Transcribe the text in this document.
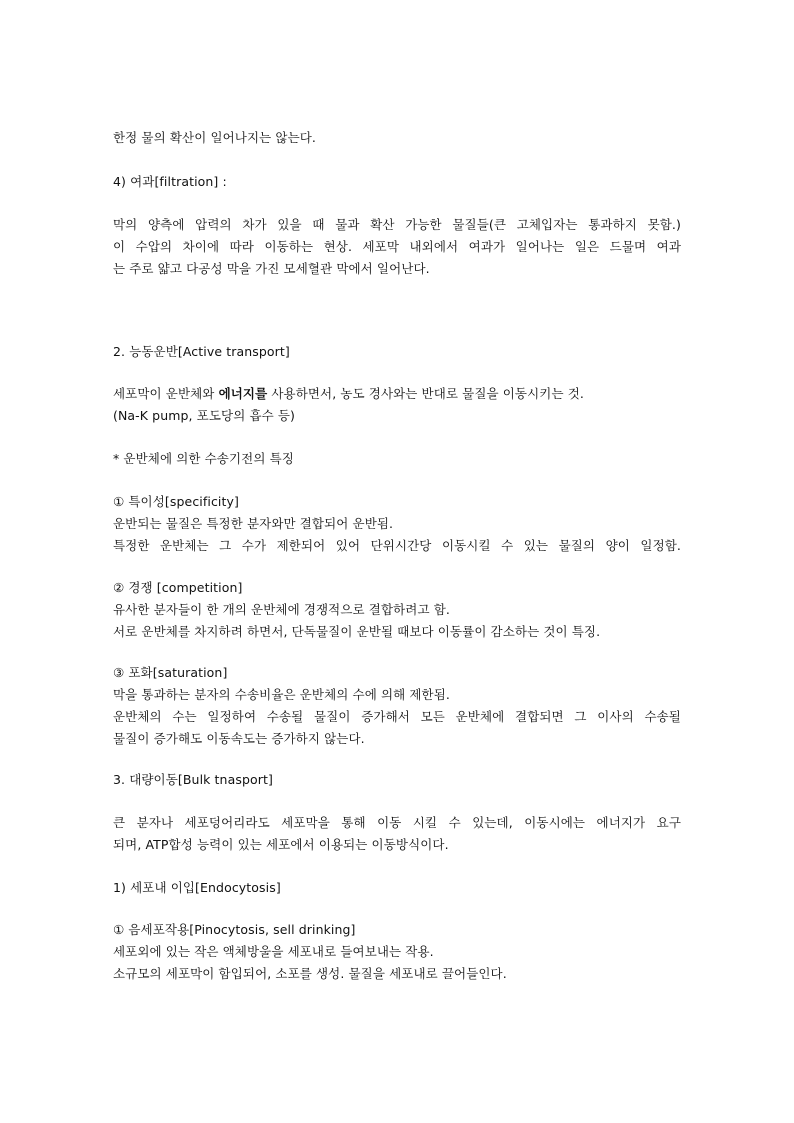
한정 물의 확산이 일어나지는 않는다.
4) 여과[filtration] :
막의 양측에 압력의 차가 있을 때 물과 확산 가능한 물질들(큰 고체입자는 통과하지 못함.)
이 수압의 차이에 따라 이동하는 현상. 세포막 내외에서 여과가 일어나는 일은 드물며 여과
는 주로 얇고 다공성 막을 가진 모세혈관 막에서 일어난다.
2. 능동운반[Active transport]
세포막이 운반체와 에너지를 사용하면서, 농도 경사와는 반대로 물질을 이동시키는 것.
(Na-K pump, 포도당의 흡수 등)
* 운반체에 의한 수송기전의 특징
① 특이성[specificity]
운반되는 물질은 특정한 분자와만 결합되어 운반됨.
특정한 운반체는 그 수가 제한되어 있어 단위시간당 이동시킬 수 있는 물질의 양이 일정함.
② 경쟁 [competition]
유사한 분자들이 한 개의 운반체에 경쟁적으로 결합하려고 함.
서로 운반체를 차지하려 하면서, 단독물질이 운반될 때보다 이동률이 감소하는 것이 특징.
③ 포화[saturation]
막을 통과하는 분자의 수송비율은 운반체의 수에 의해 제한됨.
운반체의 수는 일정하여 수송될 물질이 증가해서 모든 운반체에 결합되면 그 이사의 수송될
물질이 증가해도 이동속도는 증가하지 않는다.
3. 대량이동[Bulk tnasport]
큰 분자나 세포덩어리라도 세포막을 통해 이동 시킬 수 있는데, 이동시에는 에너지가 요구
되며, ATP합성 능력이 있는 세포에서 이용되는 이동방식이다.
1) 세포내 이입[Endocytosis]
① 음세포작용[Pinocytosis, sell drinking]
세포외에 있는 작은 액체방울을 세포내로 들여보내는 작용.
소규모의 세포막이 함입되어, 소포를 생성. 물질을 세포내로 끌어들인다.
